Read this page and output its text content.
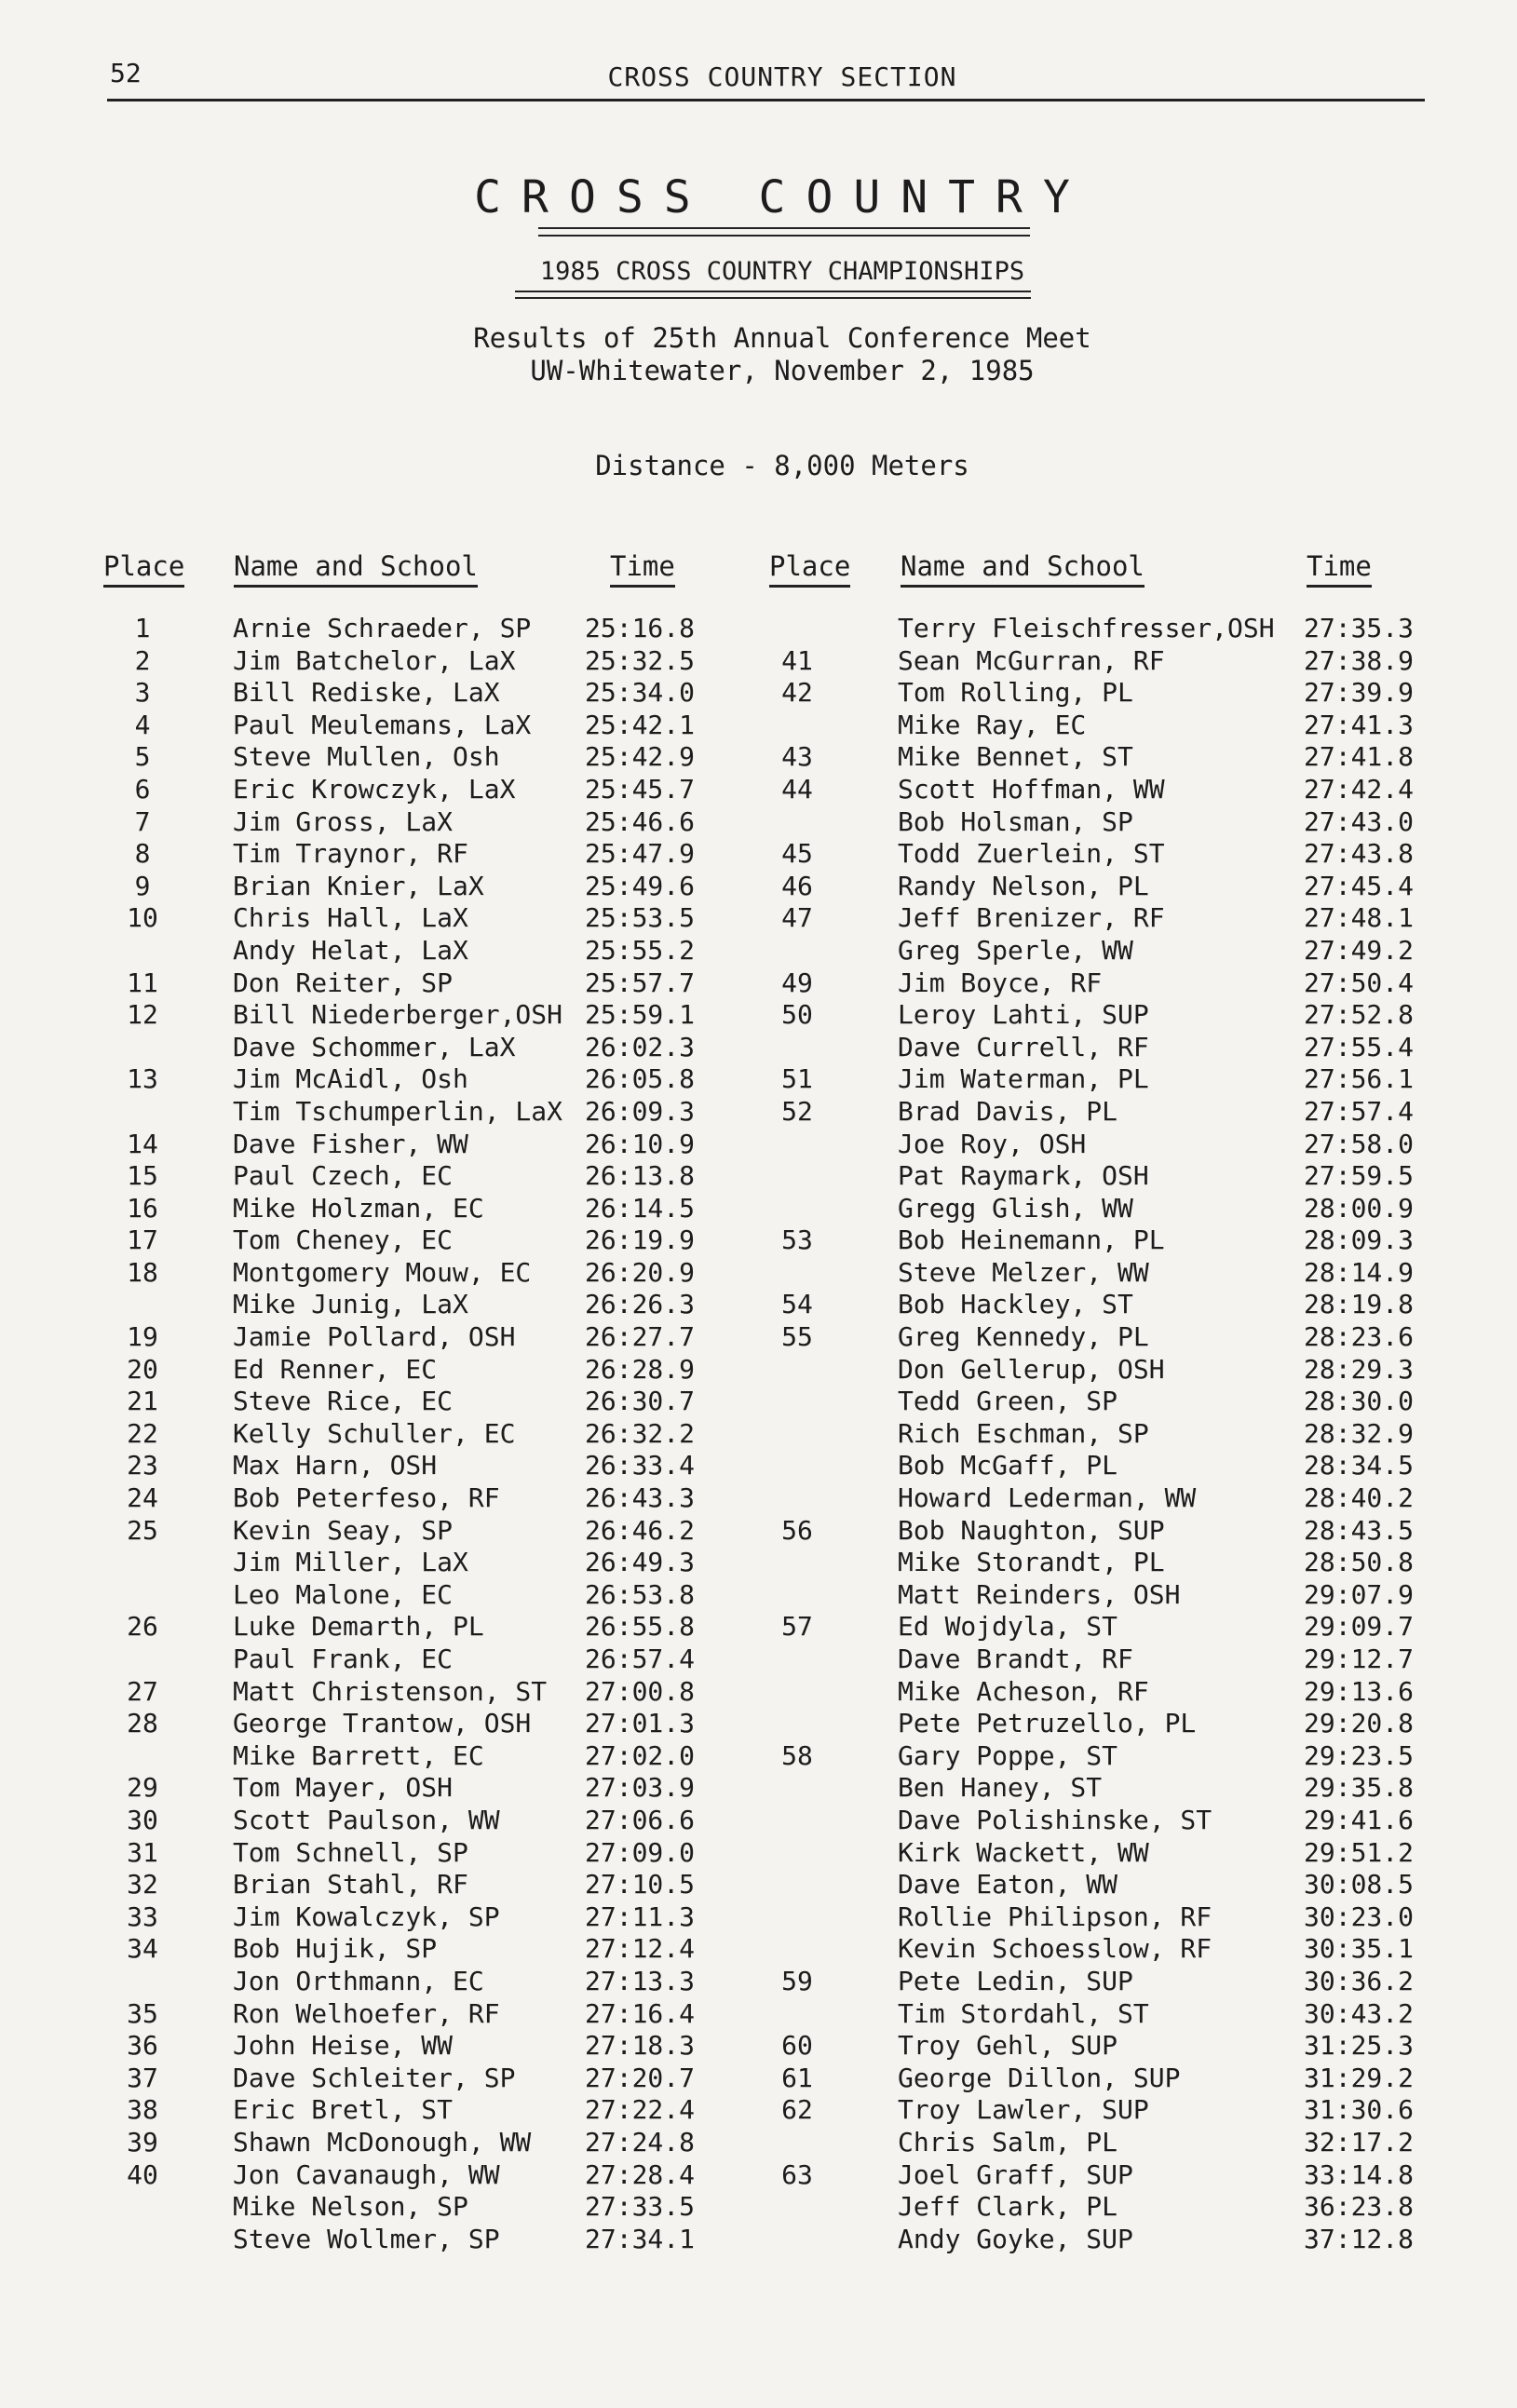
52	CROSS COUNTRY SECTION
CROSS COUNTRY
1985 CROSS COUNTRY CHAMPIONSHIPS
Results of 25th Annual Conference Meet
UW-Whitewater, November 2, 1985
Distance - 8,000 Meters
Place Name and School	Time	Place Name and School	Time
1	Arnie Schraeder, SP 25:16.8	Terry Fleischfresser,OSH 27:35.3
2	Jim Batchelor, LaX	25:32.5	41	Sean McGurran, RF	27:38.9
3	Bill Rediske, LaX	25:34.0	42	Tom Rolling, PL	27:39.9
4	Paul Meulemans, LaX 25:42.1	Mike Ray, EC	27:41.3
5	Steve Mullen, Osh	25:42.9	43	Mike Bennet, ST	27:41.8
6	Eric Krowczyk, LaX	25:45.7	44	Scott Hoffman, WW	27:42.4
7	Jim Gross, LaX	25:46.6	Bob Holsman, SP	27:43.0
8	Tim Traynor, RF	25:47.9	45	Todd Zuerlein, ST	27:43.8
9	Brian Knier, LaX	25:49.6	46	Randy Nelson, PL	27:45.4
10	Chris Hall, LaX	25:53.5	47	Jeff Brenizer, RF	27:48.1
Andy Helat, LaX	25:55.2	Greg Sperle, WW	27:49.2
11	Don Reiter, SP	25:57.7	49	Jim Boyce, RF	27:50.4
12	Bill Niederberger,OSH 25:59.1	50	Leroy Lahti, SUP	27:52.8
Dave Schommer, LaX	26:02.3	Dave Currell, RF	27:55.4
13	Jim McAidl, Osh	26:05.8	51	Jim Waterman, PL	27:56.1
Tim Tschumperlin, LaX 26:09.3	52	Brad Davis, PL	27:57.4
14	Dave Fisher, WW	26:10.9	Joe Roy, OSH	27:58.0
15	Paul Czech, EC	26:13.8	Pat Raymark, OSH	27:59.5
16	Mike Holzman, EC	26:14.5	Gregg Glish, WW	28:00.9
17	Tom Cheney, EC	26:19.9	53	Bob Heinemann, PL	28:09.3
18	Montgomery Mouw, EC 26:20.9	Steve Melzer, WW	28:14.9
Mike Junig, LaX	26:26.3	54	Bob Hackley, ST	28:19.8
19	Jamie Pollard, OSH	26:27.7	55	Greg Kennedy, PL	28:23.6
20	Ed Renner, EC	26:28.9	Don Gellerup, OSH	28:29.3
21	Steve Rice, EC	26:30.7	Tedd Green, SP	28:30.0
22	Kelly Schuller, EC	26:32.2	Rich Eschman, SP	28:32.9
23	Max Harn, OSH	26:33.4	Bob McGaff, PL	28:34.5
24	Bob Peterfeso, RF	26:43.3	Howard Lederman, WW	28:40.2
25	Kevin Seay, SP	26:46.2	56	Bob Naughton, SUP	28:43.5
Jim Miller, LaX	26:49.3	Mike Storandt, PL	28:50.8
Leo Malone, EC	26:53.8	Matt Reinders, OSH	29:07.9
26	Luke Demarth, PL	26:55.8	57	Ed Wojdyla, ST	29:09.7
Paul Frank, EC	26:57.4	Dave Brandt, RF	29:12.7
27	Matt Christenson, ST 27:00.8	Mike Acheson, RF	29:13.6
28	George Trantow, OSH 27:01.3	Pete Petruzello, PL	29:20.8
Mike Barrett, EC	27:02.0	58	Gary Poppe, ST	29:23.5
29	Tom Mayer, OSH	27:03.9	Ben Haney, ST	29:35.8
30	Scott Paulson, WW	27:06.6	Dave Polishinske, ST	29:41.6
31	Tom Schnell, SP	27:09.0	Kirk Wackett, WW	29:51.2
32	Brian Stahl, RF	27:10.5	Dave Eaton, WW	30:08.5
33	Jim Kowalczyk, SP	27:11.3	Rollie Philipson, RF	30:23.0
34	Bob Hujik, SP	27:12.4	Kevin Schoesslow, RF	30:35.1
Jon Orthmann, EC	27:13.3	59	Pete Ledin, SUP	30:36.2
35	Ron Welhoefer, RF	27:16.4	Tim Stordahl, ST	30:43.2
36	John Heise, WW	27:18.3	60	Troy Gehl, SUP	31:25.3
37	Dave Schleiter, SP	27:20.7	61	George Dillon, SUP	31:29.2
38	Eric Bretl, ST	27:22.4	62	Troy Lawler, SUP	31:30.6
39	Shawn McDonough, WW 27:24.8	Chris Salm, PL	32:17.2
40	Jon Cavanaugh, WW	27:28.4	63	Joel Graff, SUP	33:14.8
Mike Nelson, SP	27:33.5	Jeff Clark, PL	36:23.8
Steve Wollmer, SP	27:34.1	Andy Goyke, SUP	37:12.8
